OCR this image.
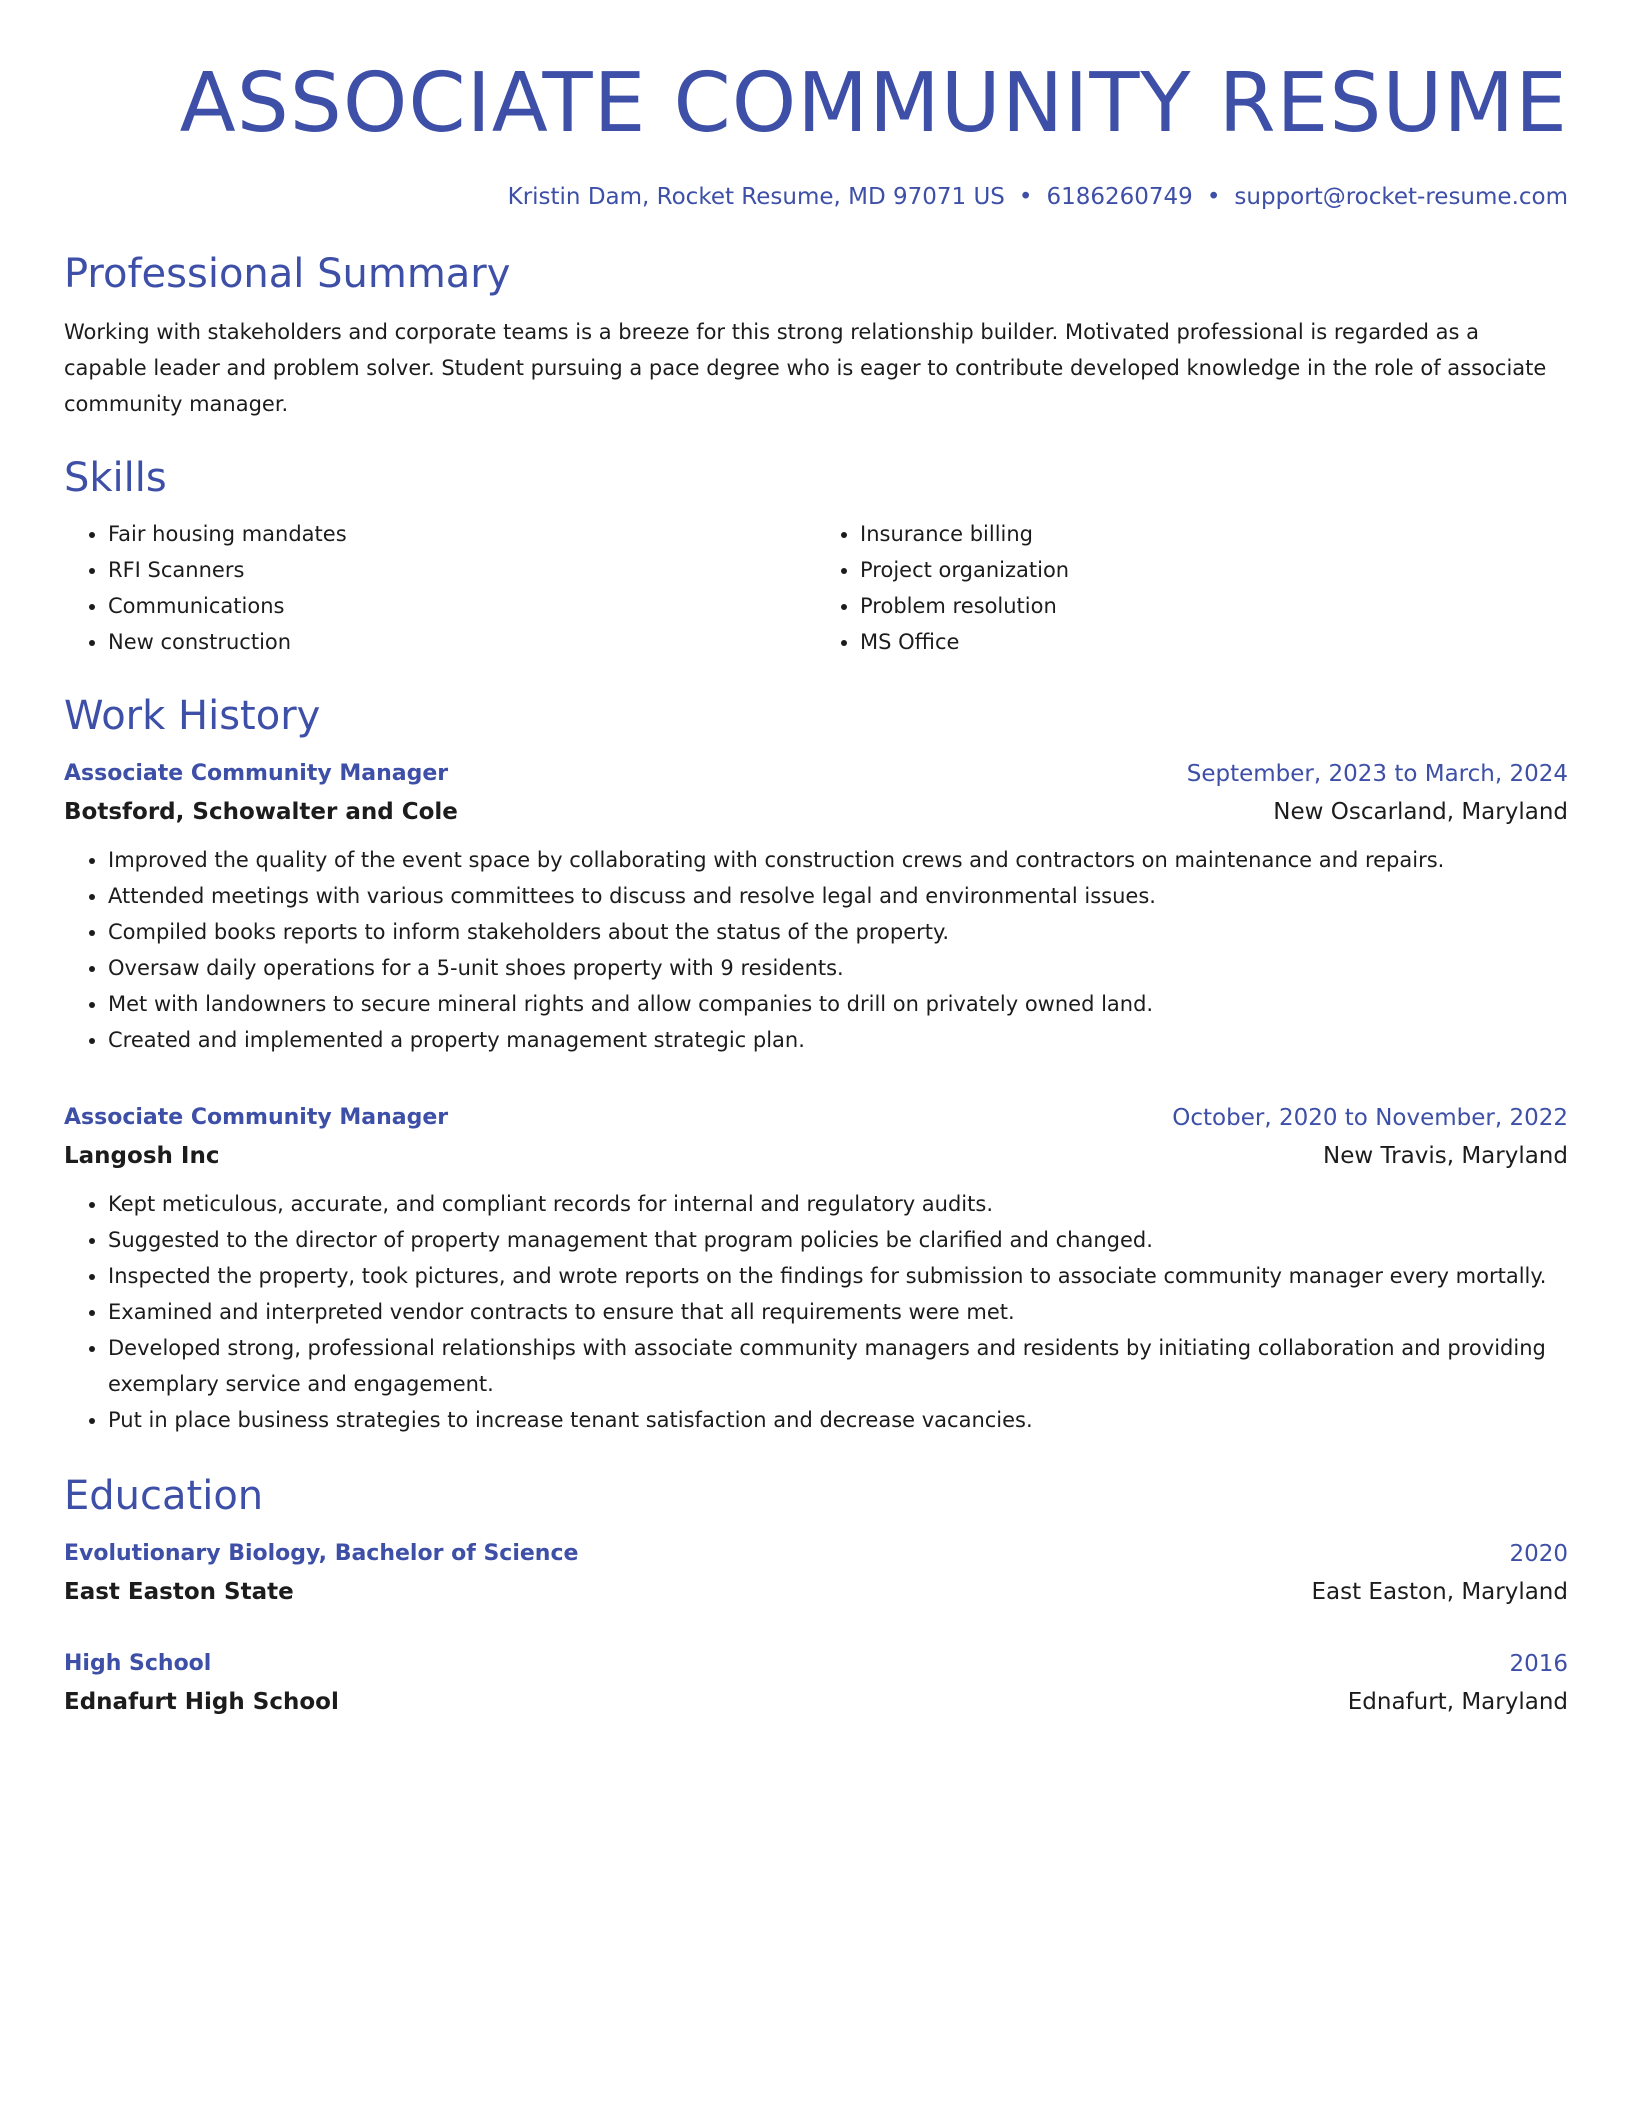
ASSOCIATE COMMUNITY RESUME
Kristin Dam, Rocket Resume, MD 97071 US • 6186260749 • support@rocket-resume.com
Professional Summary

Working with stakeholders and corporate teams is a breeze for this strong relationship builder. Motivated professional is regarded as a capable leader and problem solver. Student pursuing a pace degree who is eager to contribute developed knowledge in the role of associate community manager.

Skills
• Fair housing mandates
• RFI Scanners
• Communications
• New construction
• Insurance billing
• Project organization
• Problem resolution
• MS Office
Work History
Associate Community Manager	September, 2023 to March, 2024
Botsford, Schowalter and Cole	New Oscarland, Maryland
• Improved the quality of the event space by collaborating with construction crews and contractors on maintenance and repairs.
• Attended meetings with various committees to discuss and resolve legal and environmental issues.
• Compiled books reports to inform stakeholders about the status of the property.
• Oversaw daily operations for a 5-unit shoes property with 9 residents.
• Met with landowners to secure mineral rights and allow companies to drill on privately owned land.
• Created and implemented a property management strategic plan.
Associate Community Manager	October, 2020 to November, 2022
Langosh Inc	New Travis, Maryland
• Kept meticulous, accurate, and compliant records for internal and regulatory audits.
• Suggested to the director of property management that program policies be clarified and changed.
• Inspected the property, took pictures, and wrote reports on the findings for submission to associate community manager every mortally.
• Examined and interpreted vendor contracts to ensure that all requirements were met.
• Developed strong, professional relationships with associate community managers and residents by initiating collaboration and providing exemplary service and engagement.
• Put in place business strategies to increase tenant satisfaction and decrease vacancies.
Education
Evolutionary Biology, Bachelor of Science	2020
East Easton State	East Easton, Maryland
High School	2016
Ednafurt High School	Ednafurt, Maryland
